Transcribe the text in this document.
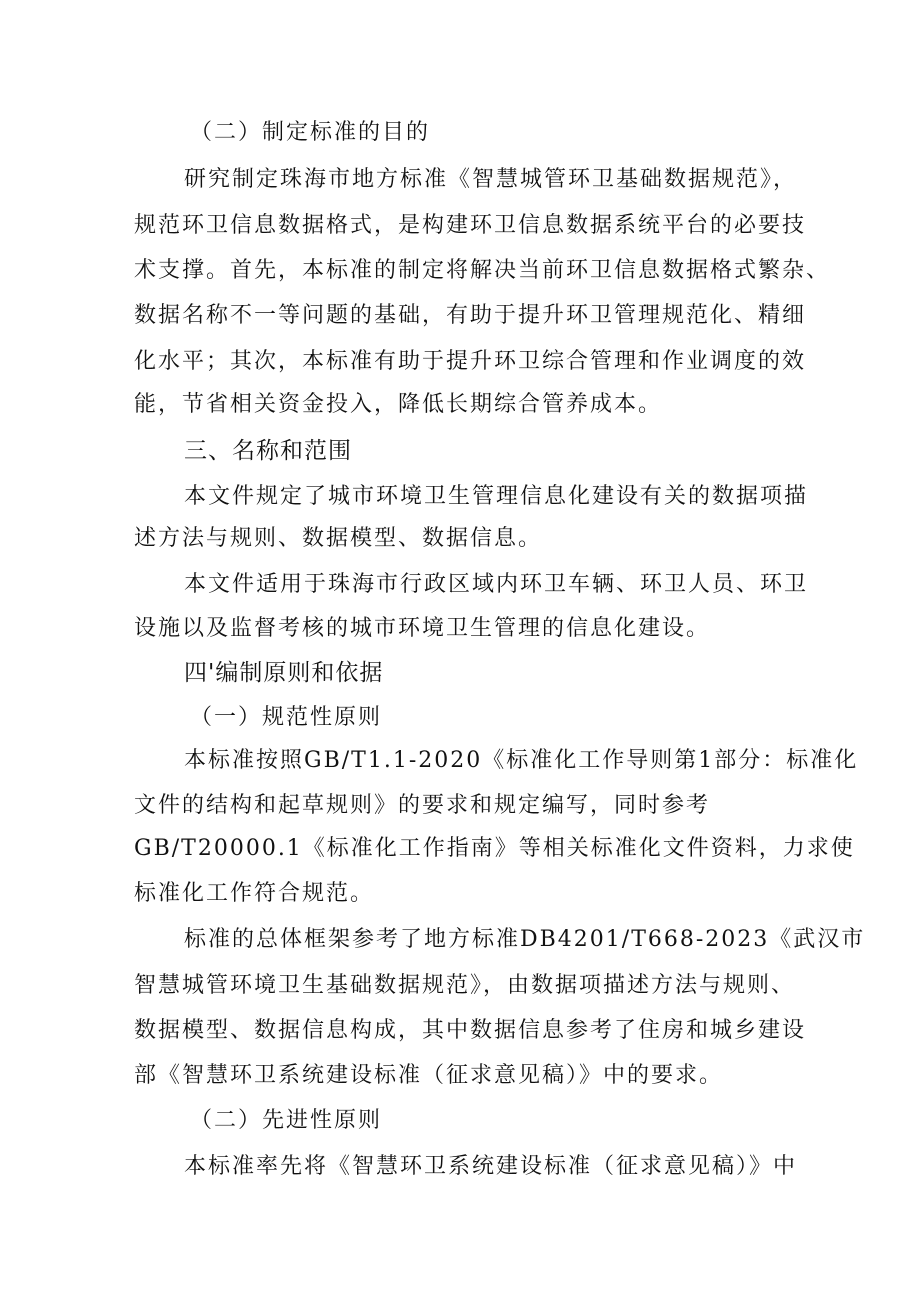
（二）制定标准的目的
研究制定珠海市地方标准《智慧城管环卫基础数据规范》，
规范环卫信息数据格式，是构建环卫信息数据系统平台的必要技
术支撑。首先，本标准的制定将解决当前环卫信息数据格式繁杂、
数据名称不一等问题的基础，有助于提升环卫管理规范化、精细
化水平；其次，本标准有助于提升环卫综合管理和作业调度的效
能，节省相关资金投入，降低长期综合管养成本。
三、名称和范围
本文件规定了城市环境卫生管理信息化建设有关的数据项描
述方法与规则、数据模型、数据信息。
本文件适用于珠海市行政区域内环卫车辆、环卫人员、环卫
设施以及监督考核的城市环境卫生管理的信息化建设。
四'编制原则和依据
（一）规范性原则
本标准按照GB/T1.1-2020《标准化工作导则第1部分：标准化
文件的结构和起草规则》的要求和规定编写，同时参考
GB/T20000.1《标准化工作指南》等相关标准化文件资料，力求使
标准化工作符合规范。
标准的总体框架参考了地方标准DB4201/T668-2023《武汉市
智慧城管环境卫生基础数据规范》，由数据项描述方法与规则、
数据模型、数据信息构成，其中数据信息参考了住房和城乡建设
部《智慧环卫系统建设标准（征求意见稿）》中的要求。
（二）先进性原则
本标准率先将《智慧环卫系统建设标准（征求意见稿）》中
